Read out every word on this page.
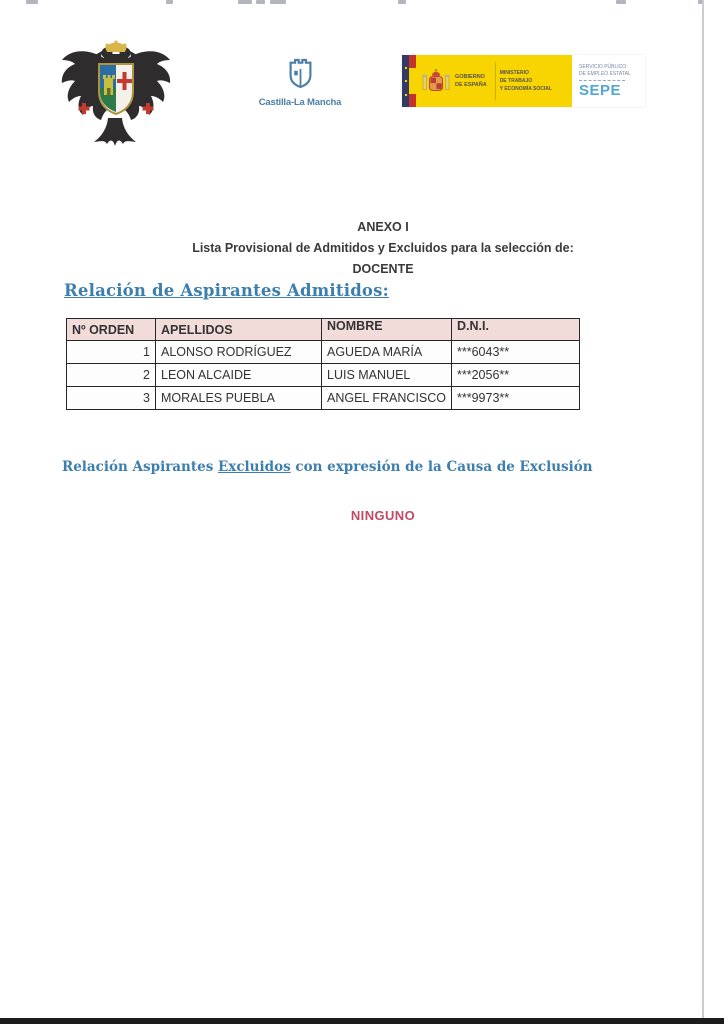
Castilla-La Mancha
GOBIERNO
DE ESPAÑA
MINISTERIO
DE TRABAJO
Y ECONOMÍA SOCIAL
SERVICIO PÚBLICO
DE EMPLEO ESTATAL
SEPE
ANEXO I
Lista Provisional de Admitidos y Excluidos para la selección de:
DOCENTE
Relación de Aspirantes Admitidos:
Nº ORDEN	APELLIDOS	NOMBRE	D.N.I.
1	ALONSO RODRÍGUEZ	AGUEDA MARÍA	***6043**
2	LEON ALCAIDE	LUIS MANUEL	***2056**
3	MORALES PUEBLA	ANGEL FRANCISCO	***9973**
Relación Aspirantes Excluidos con expresión de la Causa de Exclusión
NINGUNO
